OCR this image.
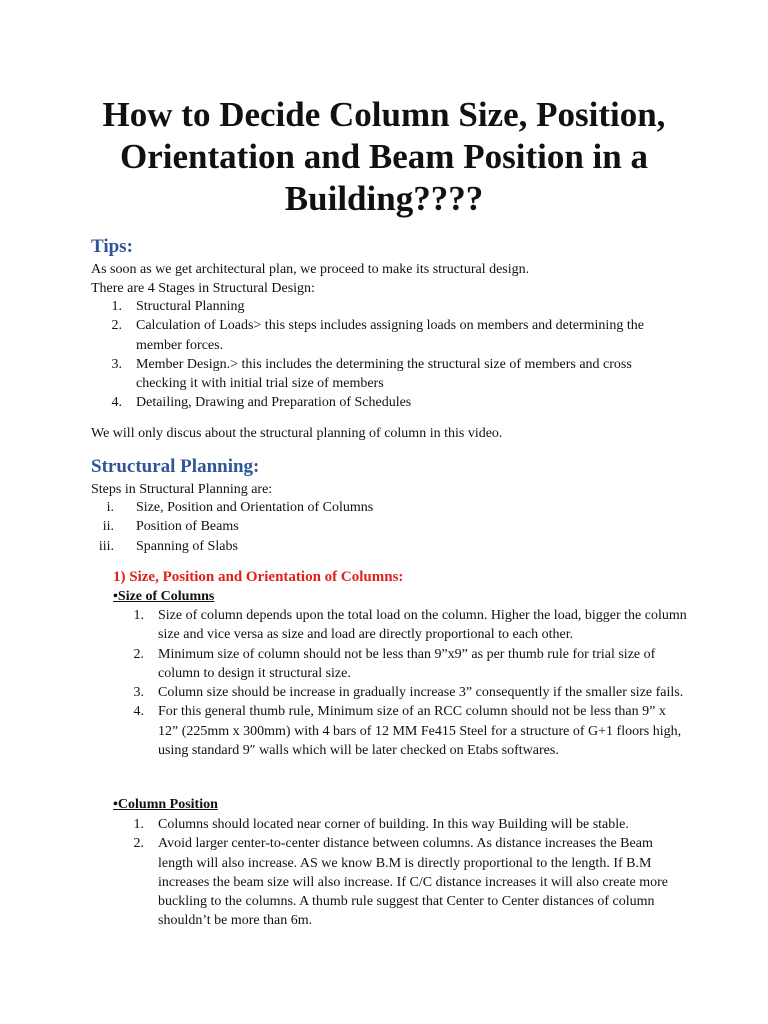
How to Decide Column Size, Position, Orientation and Beam Position in a Building????
Tips:

As soon as we get architectural plan, we proceed to make its structural design.

There are 4 Stages in Structural Design:

1. Structural Planning
2. Calculation of Loads> this steps includes assigning loads on members and determining the member forces.
3. Member Design.> this includes the determining the structural size of members and cross checking it with initial trial size of members
4. Detailing, Drawing and Preparation of Schedules

We will only discus about the structural planning of column in this video.

Structural Planning:

Steps in Structural Planning are:

i. Size, Position and Orientation of Columns
ii. Position of Beams
iii. Spanning of Slabs
1) Size, Position and Orientation of Columns:

•Size of Columns

1. Size of column depends upon the total load on the column. Higher the load, bigger the column size and vice versa as size and load are directly proportional to each other.
2. Minimum size of column should not be less than 9”x9” as per thumb rule for trial size of column to design it structural size.
3. Column size should be increase in gradually increase 3” consequently if the smaller size fails.
4. For this general thumb rule, Minimum size of an RCC column should not be less than 9” x 12” (225mm x 300mm) with 4 bars of 12 MM Fe415 Steel for a structure of G+1 floors high, using standard 9″ walls which will be later checked on Etabs softwares.

•Column Position

1. Columns should located near corner of building. In this way Building will be stable.
2. Avoid larger center-to-center distance between columns. As distance increases the Beam length will also increase. AS we know B.M is directly proportional to the length. If B.M increases the beam size will also increase. If C/C distance increases it will also create more buckling to the columns. A thumb rule suggest that Center to Center distances of column shouldn’t be more than 6m.
